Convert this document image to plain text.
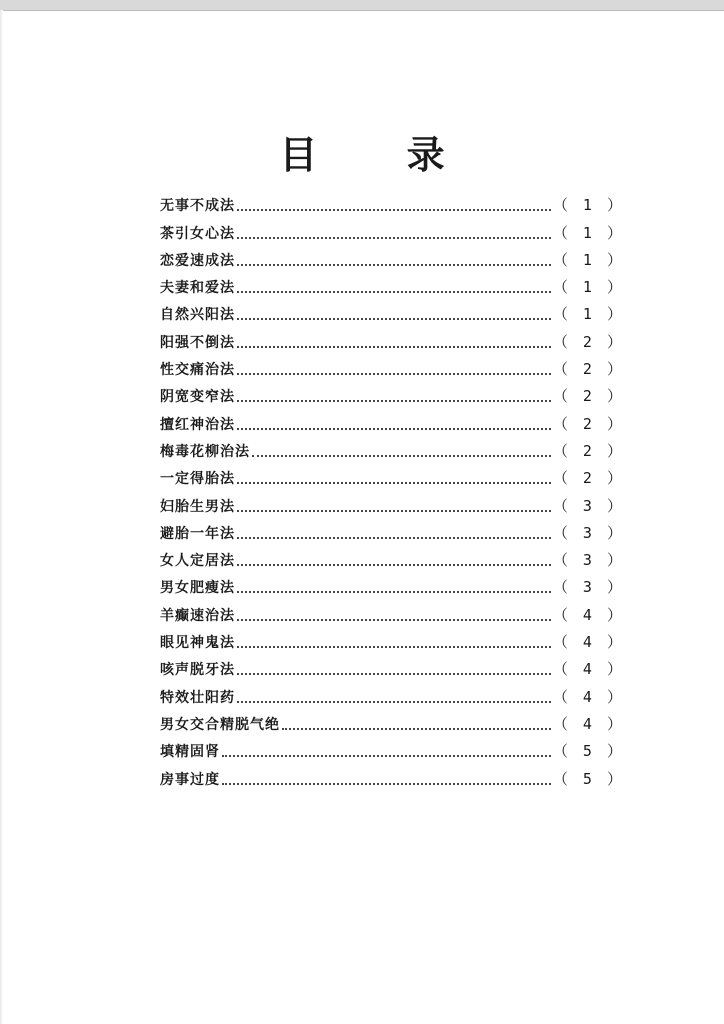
目 录
无事不成法	（ 1 ）
茶引女心法	（ 1 ）
恋爱速成法	（ 1 ）
夫妻和爱法	（ 1 ）
自然兴阳法	（ 1 ）
阳强不倒法	（ 2 ）
性交痛治法	（ 2 ）
阴宽变窄法	（ 2 ）
擅红神治法	（ 2 ）
梅毒花柳治法	（ 2 ）
一定得胎法	（ 2 ）
妇胎生男法	（ 3 ）
避胎一年法	（ 3 ）
女人定居法	（ 3 ）
男女肥瘦法	（ 3 ）
羊癫速治法	（ 4 ）
眼见神鬼法	（ 4 ）
咳声脱牙法	（ 4 ）
特效壮阳药	（ 4 ）
男女交合精脱气绝	（ 4 ）
填精固肾	（ 5 ）
房事过度	（ 5 ）
